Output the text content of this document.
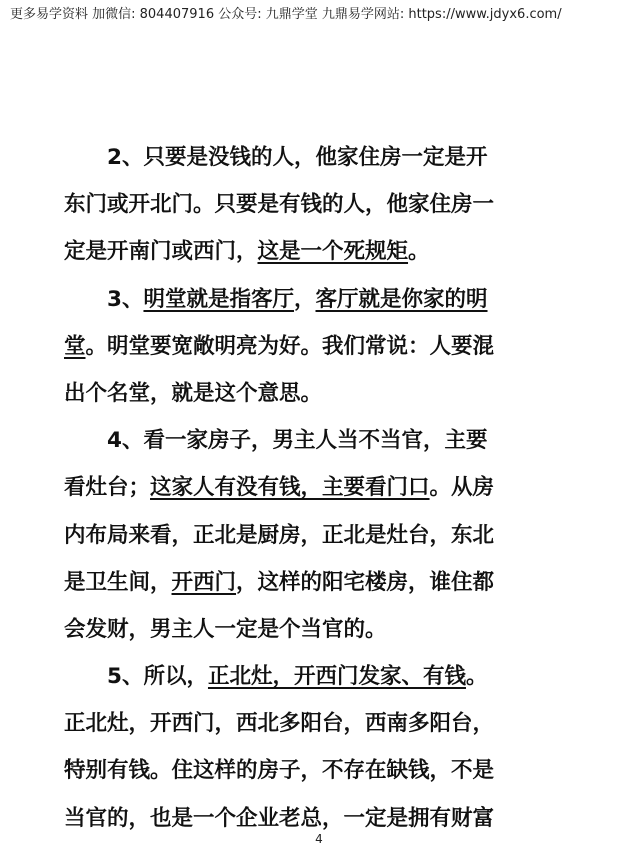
更多易学资料 加微信: 804407916 公众号: 九鼎学堂 九鼎易学网站: https://www.jdyx6.com/
　　2、只要是没钱的人，他家住房一定是开
东门或开北门。只要是有钱的人，他家住房一
定是开南门或西门，这是一个死规矩。
　　3、明堂就是指客厅，客厅就是你家的明
堂。明堂要宽敞明亮为好。我们常说：人要混
出个名堂，就是这个意思。
　　4、看一家房子，男主人当不当官，主要
看灶台；这家人有没有钱，主要看门口。从房
内布局来看，正北是厨房，正北是灶台，东北
是卫生间，开西门，这样的阳宅楼房，谁住都
会发财，男主人一定是个当官的。
　　5、所以，正北灶，开西门发家、有钱。
正北灶，开西门，西北多阳台，西南多阳台，
特别有钱。住这样的房子，不存在缺钱，不是
当官的，也是一个企业老总，一定是拥有财富
4
